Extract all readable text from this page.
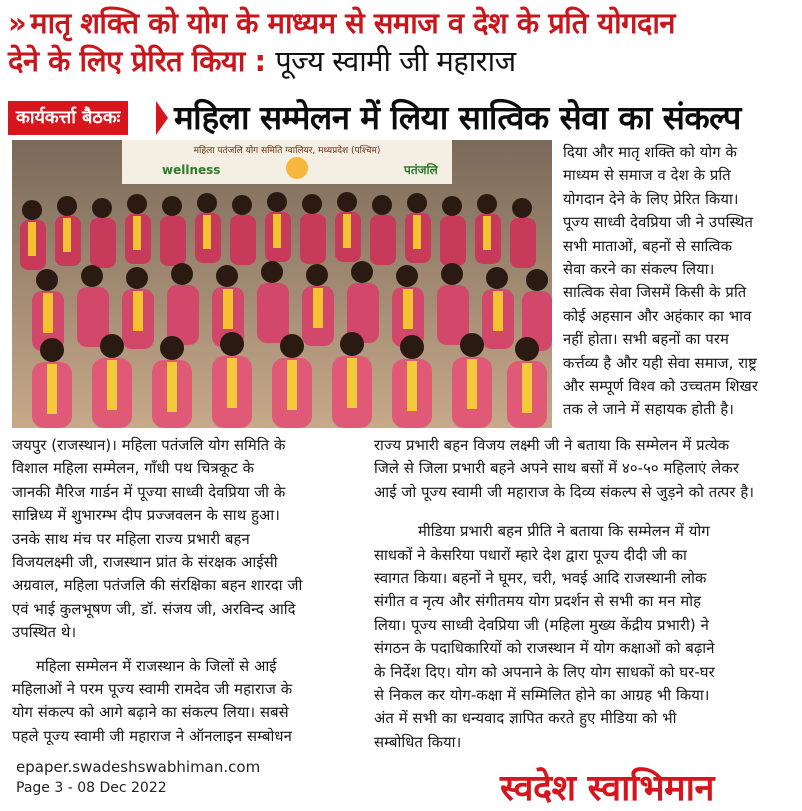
» मातृ शक्ति को योग के माध्यम से समाज व देश के प्रति योगदान
देने के लिए प्रेरित किया : पूज्य स्वामी जी महाराज
कार्यकर्त्ता बैठकः महिला सम्मेलन में लिया सात्विक सेवा का संकल्प
महिला पतंजलि योग समिति ग्वालियर, मध्यप्रदेश (पश्चिम)
wellness	पतंजलि
दिया और मातृ शक्ति को योग के
माध्यम से समाज व देश के प्रति
योगदान देने के लिए प्रेरित किया।
पूज्य साध्वी देवप्रिया जी ने उपस्थित
सभी माताओं, बहनों से सात्विक
सेवा करने का संकल्प लिया।
सात्विक सेवा जिसमें किसी के प्रति
कोई अहसान और अहंकार का भाव
नहीं होता। सभी बहनों का परम
कर्त्तव्य है और यही सेवा समाज, राष्ट्र
और सम्पूर्ण विश्व को उच्चतम शिखर
तक ले जाने में सहायक होती है।
जयपुर (राजस्थान)। महिला पतंजलि योग समिति के
विशाल महिला सम्मेलन, गाँधी पथ चित्रकूट के
जानकी मैरिज गार्डन में पूज्या साध्वी देवप्रिया जी के
सान्निध्य में शुभारम्भ दीप प्रज्जवलन के साथ हुआ।
उनके साथ मंच पर महिला राज्य प्रभारी बहन
विजयलक्ष्मी जी, राजस्थान प्रांत के संरक्षक आईसी
अग्रवाल, महिला पतंजलि की संरक्षिका बहन शारदा जी
एवं भाई कुलभूषण जी, डॉ. संजय जी, अरविन्द आदि
उपस्थित थे।
महिला सम्मेलन में राजस्थान के जिलों से आई
महिलाओं ने परम पूज्य स्वामी रामदेव जी महाराज के
योग संकल्प को आगे बढ़ाने का संकल्प लिया। सबसे
पहले पूज्य स्वामी जी महाराज ने ऑनलाइन सम्बोधन
राज्य प्रभारी बहन विजय लक्ष्मी जी ने बताया कि सम्मेलन में प्रत्येक
जिले से जिला प्रभारी बहने अपने साथ बसों में ४०-५० महिलाएं लेकर
आई जो पूज्य स्वामी जी महाराज के दिव्य संकल्प से जुड़ने को तत्पर है।
मीडिया प्रभारी बहन प्रीति ने बताया कि सम्मेलन में योग
साधकों ने केसरिया पधारों म्हारे देश द्वारा पूज्य दीदी जी का
स्वागत किया। बहनों ने घूमर, चरी, भवई आदि राजस्थानी लोक
संगीत व नृत्य और संगीतमय योग प्रदर्शन से सभी का मन मोह
लिया। पूज्य साध्वी देवप्रिया जी (महिला मुख्य केंद्रीय प्रभारी) ने
संगठन के पदाधिकारियों को राजस्थान में योग कक्षाओं को बढ़ाने
के निर्देश दिए। योग को अपनाने के लिए योग साधकों को घर-घर
से निकल कर योग-कक्षा में सम्मिलित होने का आग्रह भी किया।
अंत में सभी का धन्यवाद ज्ञापित करते हुए मीडिया को भी
सम्बोधित किया।
epaper.swadeshswabhiman.com
Page 3 - 08 Dec 2022	स्वदेश स्वाभिमान
